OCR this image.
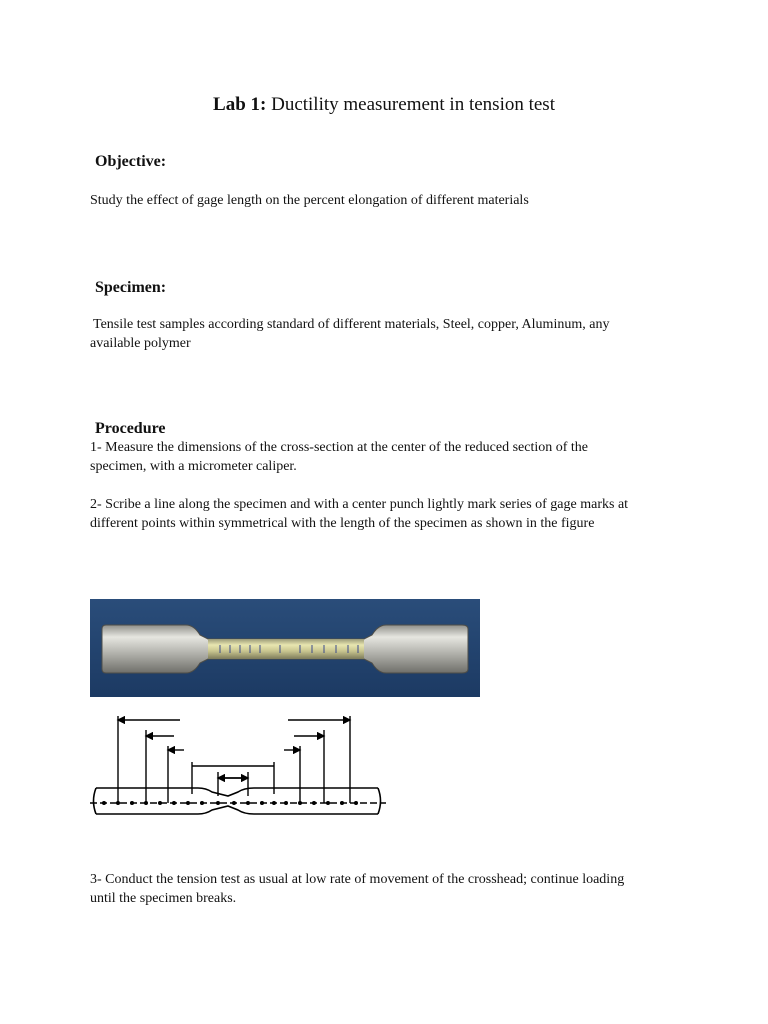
Lab 1: Ductility measurement in tension test
Objective:
Study the effect of gage length on the percent elongation of different materials
Specimen:
Tensile test samples according standard of different materials, Steel, copper, Aluminum, any
available polymer
Procedure
1- Measure the dimensions of the cross-section at the center of the reduced section of the
specimen, with a micrometer caliper.
2- Scribe a line along the specimen and with a center punch lightly mark series of gage marks at
different points within symmetrical with the length of the specimen as shown in the figure
3- Conduct the tension test as usual at low rate of movement of the crosshead; continue loading
until the specimen breaks.
